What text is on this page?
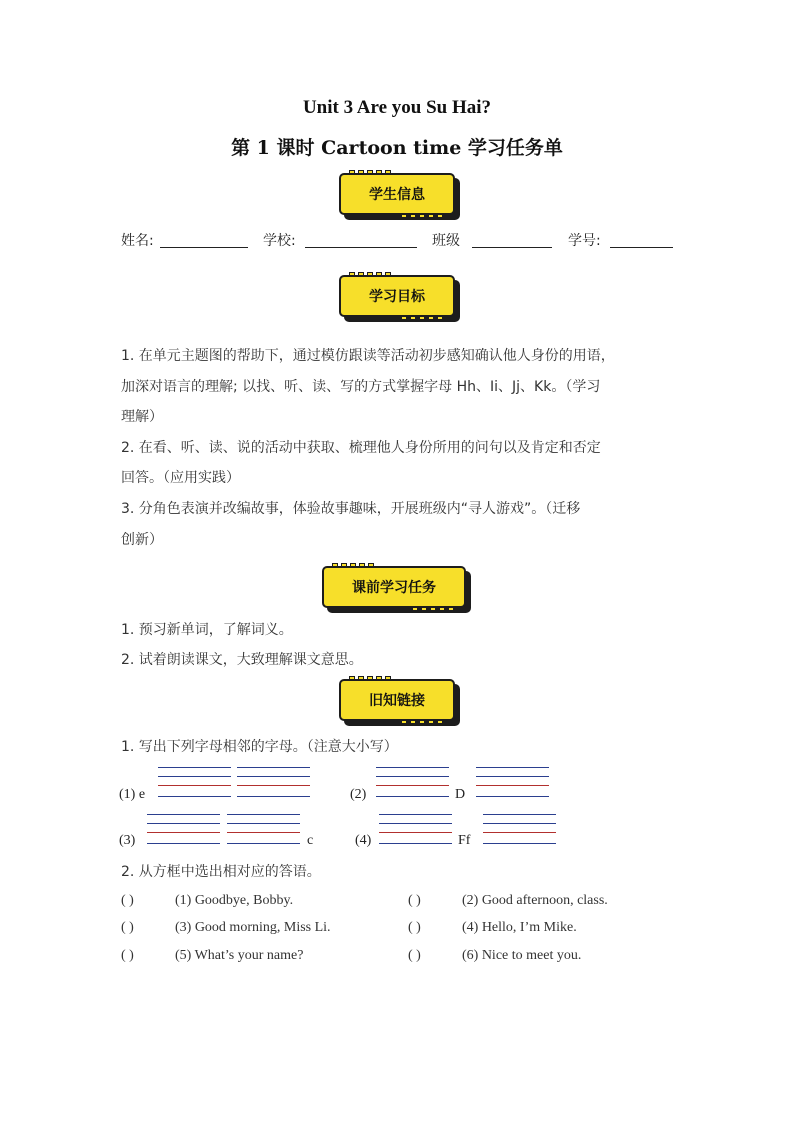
Unit 3 Are you Su Hai?
第 1 课时 Cartoon time 学习任务单
学生信息
姓名:	学校:	班级	学号:
学习目标
1. 在单元主题图的帮助下，通过模仿跟读等活动初步感知确认他人身份的用语，
加深对语言的理解; 以找、听、读、写的方式掌握字母 Hh、Ii、Jj、Kk。（学习
理解）
2. 在看、听、读、说的活动中获取、梳理他人身份所用的问句以及肯定和否定
回答。（应用实践）
3. 分角色表演并改编故事，体验故事趣味，开展班级内“寻人游戏”。（迁移
创新）
课前学习任务
1. 预习新单词，了解词义。
2. 试着朗读课文，大致理解课文意思。
旧知链接
1. 写出下列字母相邻的字母。（注意大小写）
(1) e	(2)	D
(3)	c	(4)	Ff
2. 从方框中选出相对应的答语。
( )	(1) Goodbye, Bobby.	( )	(2) Good afternoon, class.
( )	(3) Good morning, Miss Li.	( )	(4) Hello, I’m Mike.
( )	(5) What’s your name?	( )	(6) Nice to meet you.
